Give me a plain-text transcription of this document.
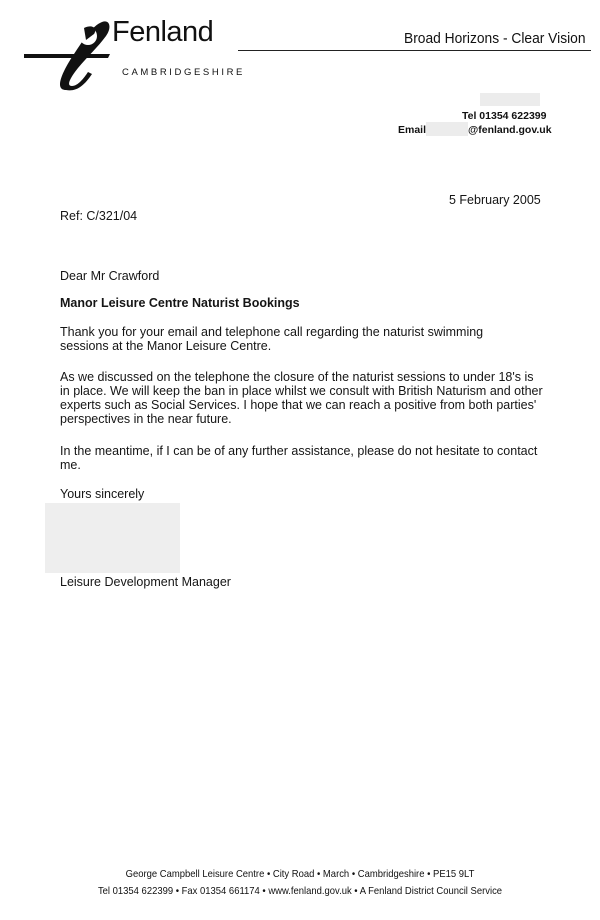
Fenland
CAMBRIDGESHIRE
Broad Horizons - Clear Vision
Tel 01354 622399
Email	@fenland.gov.uk
5 February 2005
Ref: C/321/04
Dear Mr Crawford
Manor Leisure Centre Naturist Bookings
Thank you for your email and telephone call regarding the naturist swimming sessions at the Manor Leisure Centre.
As we discussed on the telephone the closure of the naturist sessions to under 18's is in place. We will keep the ban in place whilst we consult with British Naturism and other experts such as Social Services. I hope that we can reach a positive from both parties' perspectives in the near future.
In the meantime, if I can be of any further assistance, please do not hesitate to contact me.
Yours sincerely
Leisure Development Manager
George Campbell Leisure Centre • City Road • March • Cambridgeshire • PE15 9LT
Tel 01354 622399 • Fax 01354 661174 • www.fenland.gov.uk • A Fenland District Council Service
